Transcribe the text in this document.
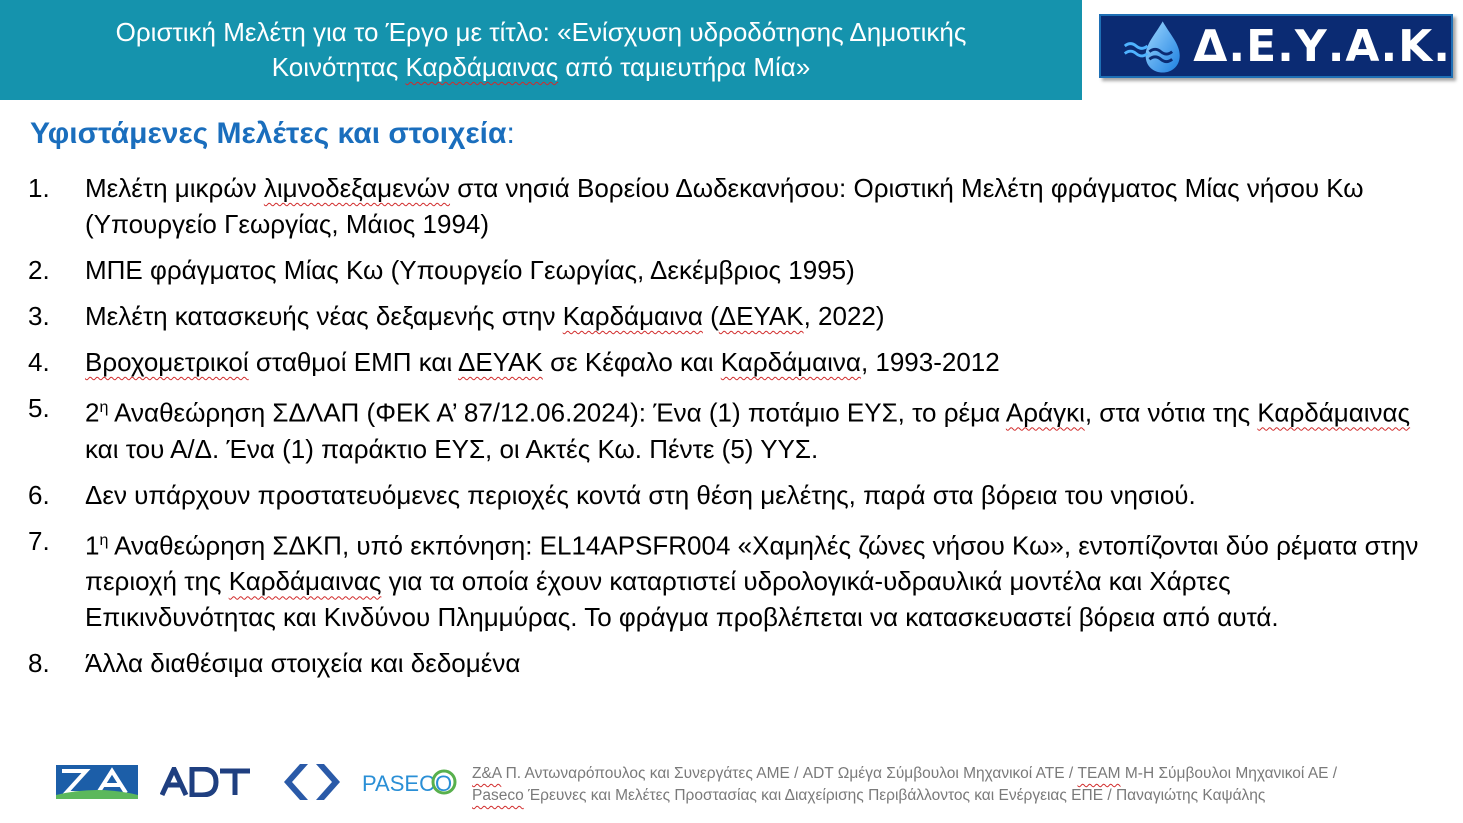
Οριστική Μελέτη για το Έργο με τίτλο: «Ενίσχυση υδροδότησης Δημοτικής
Κοινότητας Καρδάμαινας από ταμιευτήρα Μία»	Δ.Ε.Υ.Α.Κ.
Υφιστάμενες Μελέτες και στοιχεία:
1. Μελέτη μικρών λιμνοδεξαμενών στα νησιά Βορείου Δωδεκανήσου: Οριστική Μελέτη φράγματος Μίας νήσου Κω (Υπουργείο Γεωργίας, Μάιος 1994)
2. ΜΠΕ φράγματος Μίας Κω (Υπουργείο Γεωργίας, Δεκέμβριος 1995)
3. Μελέτη κατασκευής νέας δεξαμενής στην Καρδάμαινα (ΔΕΥΑΚ, 2022)
4. Βροχομετρικοί σταθμοί ΕΜΠ και ΔΕΥΑΚ σε Κέφαλο και Καρδάμαινα, 1993-2012
5. $2^\eta$ Αναθεώρηση ΣΔΛΑΠ (ΦΕΚ Α’ 87/12.06.2024): Ένα (1) ποτάμιο ΕΥΣ, το ρέμα Αράγκι, στα νότια της Καρδάμαινας και του Α/Δ. Ένα (1) παράκτιο ΕΥΣ, οι Ακτές Κω. Πέντε (5) ΥΥΣ.
6. Δεν υπάρχουν προστατευόμενες περιοχές κοντά στη θέση μελέτης, παρά στα βόρεια του νησιού.
7. $1^\eta$ Αναθεώρηση ΣΔΚΠ, υπό εκπόνηση: EL14APSFR004 «Χαμηλές ζώνες νήσου Κω», εντοπίζονται δύο ρέματα στην περιοχή της Καρδάμαινας για τα οποία έχουν καταρτιστεί υδρολογικά-υδραυλικά μοντέλα και Χάρτες Επικινδυνότητας και Κινδύνου Πλημμύρας. Το φράγμα προβλέπεται να κατασκευαστεί βόρεια από αυτά.
8. Άλλα διαθέσιμα στοιχεία και δεδομένα
PASECO Ζ&Α Π. Αντωναρόπουλος και Συνεργάτες ΑΜΕ / ADT Ωμέγα Σύμβουλοι Μηχανικοί ΑΤΕ / TEAM Μ-Η Σύμβουλοι Μηχανικοί ΑΕ /
Paseco Έρευνες και Μελέτες Προστασίας και Διαχείρισης Περιβάλλοντος και Ενέργειας ΕΠΕ / Παναγιώτης Καψάλης
